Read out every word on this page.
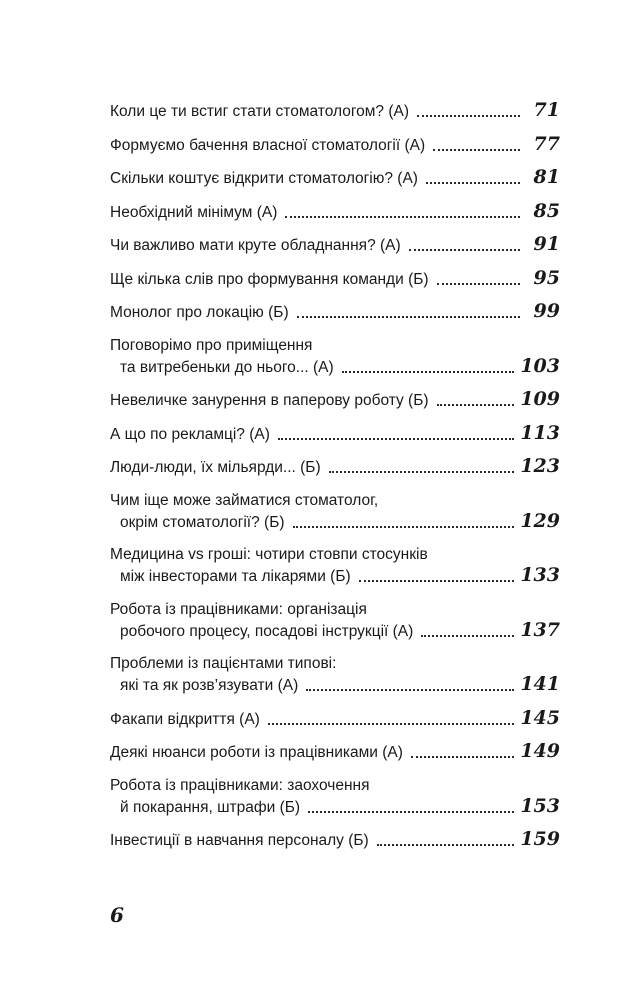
Коли це ти встиг стати стоматологом? (А)	71
Формуємо бачення власної стоматології (А)	77
Скільки коштує відкрити стоматологію? (А)	81
Необхідний мінімум (А)	85
Чи важливо мати круте обладнання? (А)	91
Ще кілька слів про формування команди (Б)	95
Монолог про локацію (Б)	99
Поговорімо про приміщення
та витребеньки до нього... (А)	103
Невеличке занурення в паперову роботу (Б)	109
А що по рекламці? (А)	113
Люди-люди, їх мільярди... (Б)	123
Чим іще може займатися стоматолог,
окрім стоматології? (Б)	129
Медицина vs гроші: чотири стовпи стосунків
між інвесторами та лікарями (Б)	133
Робота із працівниками: організація
робочого процесу, посадові інструкції (А)	137
Проблеми із пацієнтами типові:
які та як розв’язувати (А)	141
Факапи відкриття (А)	145
Деякі нюанси роботи із працівниками (А)	149
Робота із працівниками: заохочення
й покарання, штрафи (Б)	153
Інвестиції в навчання персоналу (Б)	159
6
